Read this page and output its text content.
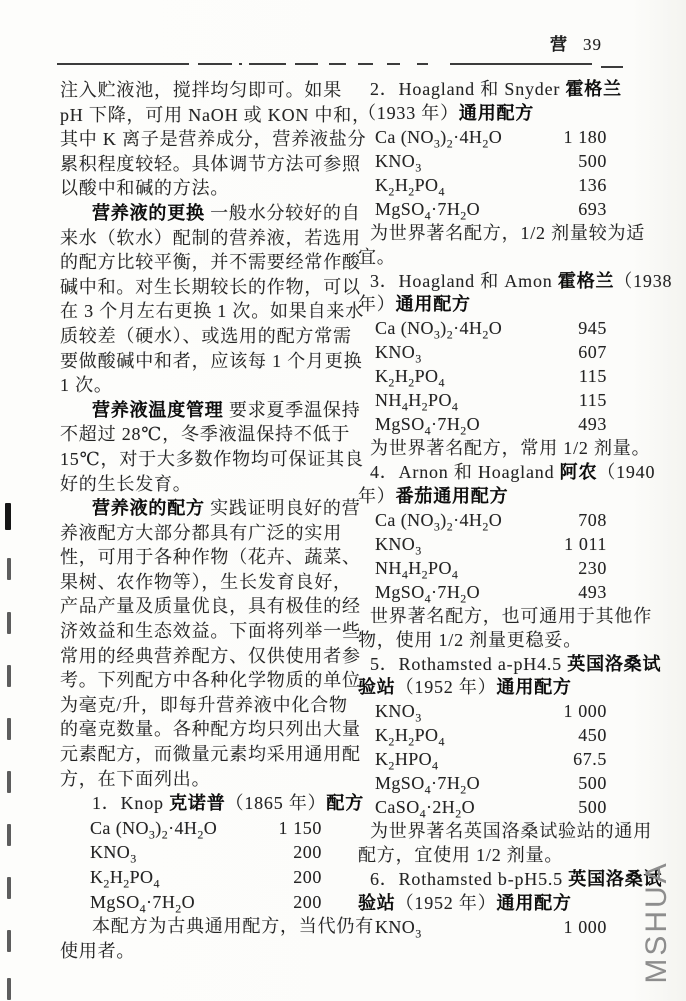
营 39
注入贮液池，搅拌均匀即可。如果
pH 下降，可用 NaOH 或 KON 中和，
其中 K 离子是营养成分，营养液盐分
累积程度较轻。具体调节方法可参照
以酸中和碱的方法。
营养液的更换 一般水分较好的自
来水（软水）配制的营养液，若选用
的配方比较平衡，并不需要经常作酸
碱中和。对生长期较长的作物，可以
在 3 个月左右更换 1 次。如果自来水
质较差（硬水）、或选用的配方常需
要做酸碱中和者，应该每 1 个月更换
1 次。
营养液温度管理 要求夏季温保持
不超过 28℃，冬季液温保持不低于
15℃，对于大多数作物均可保证其良
好的生长发育。
营养液的配方 实践证明良好的营
养液配方大部分都具有广泛的实用
性，可用于各种作物（花卉、蔬菜、
果树、农作物等），生长发育良好，
产品产量及质量优良，具有极佳的经
济效益和生态效益。下面将列举一些
常用的经典营养配方、仅供使用者参
考。下列配方中各种化学物质的单位
为毫克/升，即每升营养液中化合物
的毫克数量。各种配方均只列出大量
元素配方，而微量元素均采用通用配
方，在下面列出。
1．Knop 克诺普（1865 年）配方
Ca $(NO_3)_2\cdot 4H_2O$	1 150
$KNO_3$	200
$K_2H_2PO_4$	200
$MgSO_4\cdot 7H_2O$	200
本配方为古典通用配方，当代仍有
使用者。
2．Hoagland 和 Snyder 霍格兰
（1933 年）通用配方
Ca $(NO_3)_2\cdot 4H_2O$	1 180
$KNO_3$	500
$K_2H_2PO_4$	136
$MgSO_4\cdot 7H_2O$	693
为世界著名配方，1/2 剂量较为适
宜。
3．Hoagland 和 Amon 霍格兰（1938
年）通用配方
Ca $(NO_3)_2\cdot 4H_2O$	945
$KNO_3$	607
$K_2H_2PO_4$	115
$NH_4H_2PO_4$	115
$MgSO_4\cdot 7H_2O$	493
为世界著名配方，常用 1/2 剂量。
4．Arnon 和 Hoagland 阿农（1940
年）番茄通用配方
Ca $(NO_3)_2\cdot 4H_2O$	708
$KNO_3$	1 011
$NH_4H_2PO_4$	230
$MgSO_4\cdot 7H_2O$	493
世界著名配方，也可通用于其他作
物，使用 1/2 剂量更稳妥。
5．Rothamsted a-pH4.5 英国洛桑试
验站（1952 年）通用配方
$KNO_3$	1 000
$K_2H_2PO_4$	450
$K_2HPO_4$	67.5
$MgSO_4\cdot 7H_2O$	500
$CaSO_4\cdot 2H_2O$	500
为世界著名英国洛桑试验站的通用
配方，宜使用 1/2 剂量。
6．Rothamsted b-pH5.5 英国洛桑试
验站（1952 年）通用配方
$KNO_3$	1 000 MSHUA
